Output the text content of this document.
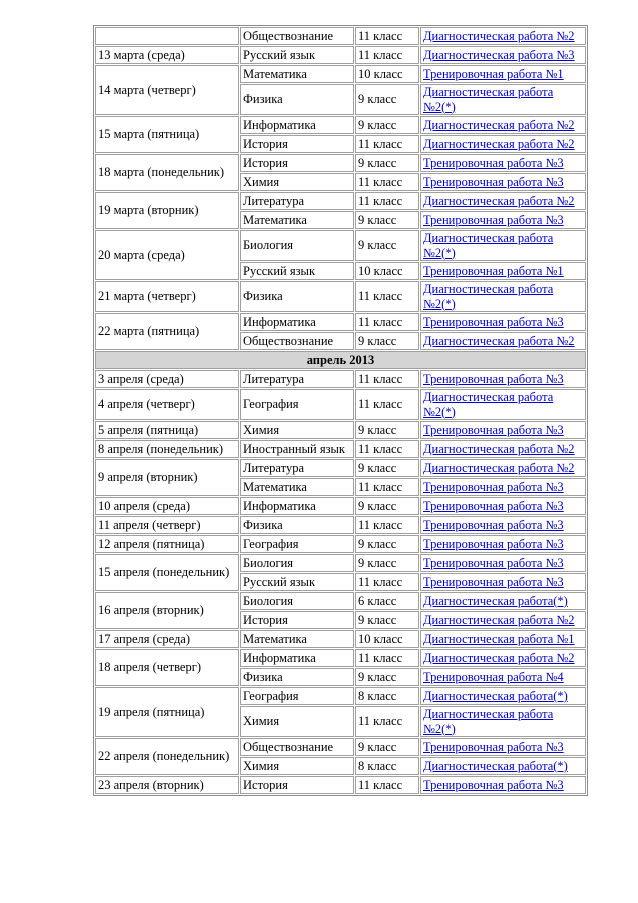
	Обществознание	11 класс	Диагностическая работа №2
13 марта (среда)	Русский язык	11 класс	Диагностическая работа №3
14 марта (четверг)	Математика	10 класс	Тренировочная работа №1
	Физика	9 класс	Диагностическая работа №2(*)
15 марта (пятница)	Информатика	9 класс	Диагностическая работа №2
	История	11 класс	Диагностическая работа №2
18 марта (понедельник)	История	9 класс	Тренировочная работа №3
	Химия	11 класс	Тренировочная работа №3
19 марта (вторник)	Литература	11 класс	Диагностическая работа №2
	Математика	9 класс	Тренировочная работа №3
20 марта (среда)	Биология	9 класс	Диагностическая работа №2(*)
	Русский язык	10 класс	Тренировочная работа №1
21 марта (четверг)	Физика	11 класс	Диагностическая работа №2(*)
22 марта (пятница)	Информатика	11 класс	Тренировочная работа №3
	Обществознание	9 класс	Диагностическая работа №2
апрель 2013			
3 апреля (среда)	Литература	11 класс	Тренировочная работа №3
4 апреля (четверг)	География	11 класс	Диагностическая работа №2(*)
5 апреля (пятница)	Химия	9 класс	Тренировочная работа №3
8 апреля (понедельник)	Иностранный язык	11 класс	Диагностическая работа №2
9 апреля (вторник)	Литература	9 класс	Диагностическая работа №2
	Математика	11 класс	Тренировочная работа №3
10 апреля (среда)	Информатика	9 класс	Тренировочная работа №3
11 апреля (четверг)	Физика	11 класс	Тренировочная работа №3
12 апреля (пятница)	География	9 класс	Тренировочная работа №3
15 апреля (понедельник)	Биология	9 класс	Тренировочная работа №3
	Русский язык	11 класс	Тренировочная работа №3
16 апреля (вторник)	Биология	6 класс	Диагностическая работа(*)
	История	9 класс	Диагностическая работа №2
17 апреля (среда)	Математика	10 класс	Диагностическая работа №1
18 апреля (четверг)	Информатика	11 класс	Диагностическая работа №2
	Физика	9 класс	Тренировочная работа №4
19 апреля (пятница)	География	8 класс	Диагностическая работа(*)
	Химия	11 класс	Диагностическая работа №2(*)
22 апреля (понедельник)	Обществознание	9 класс	Тренировочная работа №3
	Химия	8 класс	Диагностическая работа(*)
23 апреля (вторник)	История	11 класс	Тренировочная работа №3
